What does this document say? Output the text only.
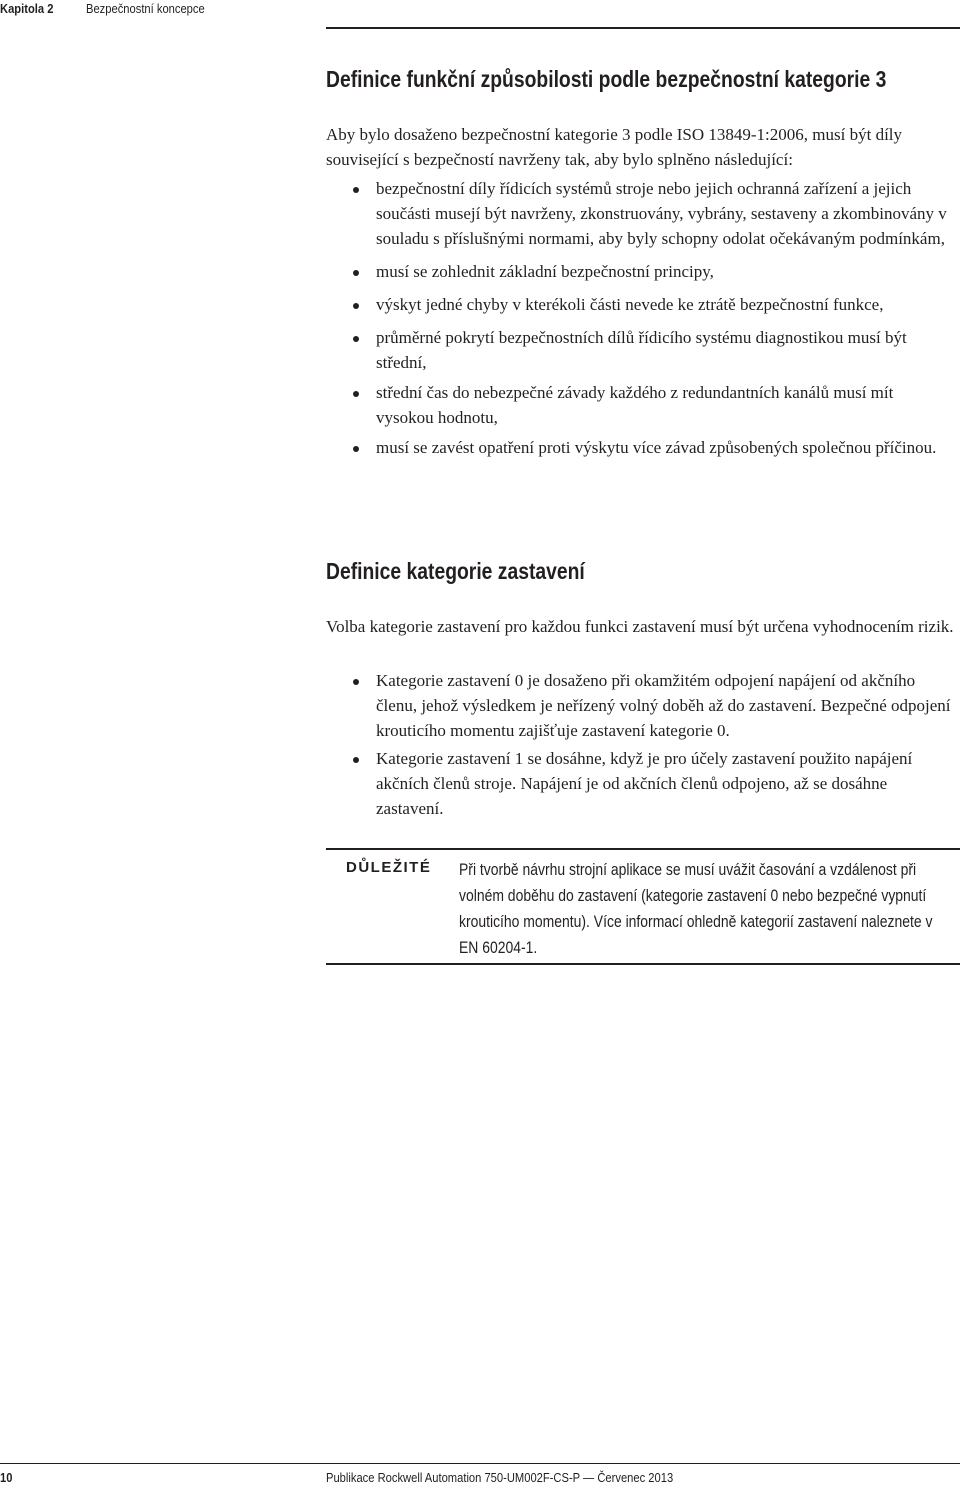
Kapitola 2	Bezpečnostní koncepce
Definice funkční způsobilosti podle bezpečnostní kategorie 3

Aby bylo dosaženo bezpečnostní kategorie 3 podle ISO 13849-1:2006, musí být díly související s bezpečností navrženy tak, aby bylo splněno následující:

bezpečnostní díly řídicích systémů stroje nebo jejich ochranná zařízení a jejich součásti musejí být navrženy, zkonstruovány, vybrány, sestaveny a zkombinovány v souladu s příslušnými normami, aby byly schopny odolat očekávaným podmínkám,
musí se zohlednit základní bezpečnostní principy,
výskyt jedné chyby v kterékoli části nevede ke ztrátě bezpečnostní funkce,
průměrné pokrytí bezpečnostních dílů řídicího systému diagnostikou musí být střední,
střední čas do nebezpečné závady každého z redundantních kanálů musí mít vysokou hodnotu,
musí se zavést opatření proti výskytu více závad způsobených společnou příčinou.
Definice kategorie zastavení

Volba kategorie zastavení pro každou funkci zastavení musí být určena vyhodnocením rizik.

Kategorie zastavení 0 je dosaženo při okamžitém odpojení napájení od akčního členu, jehož výsledkem je neřízený volný doběh až do zastavení. Bezpečné odpojení krouticího momentu zajišťuje zastavení kategorie 0.
Kategorie zastavení 1 se dosáhne, když je pro účely zastavení použito napájení akčních členů stroje. Napájení je od akčních členů odpojeno, až se dosáhne zastavení.
DŮLEŽITÉ Při tvorbě návrhu strojní aplikace se musí uvážit časování a vzdálenost při volném doběhu do zastavení (kategorie zastavení 0 nebo bezpečné vypnutí krouticího momentu). Více informací ohledně kategorií zastavení naleznete v EN 60204-1.

10	Publikace Rockwell Automation 750-UM002F-CS-P — Červenec 2013
